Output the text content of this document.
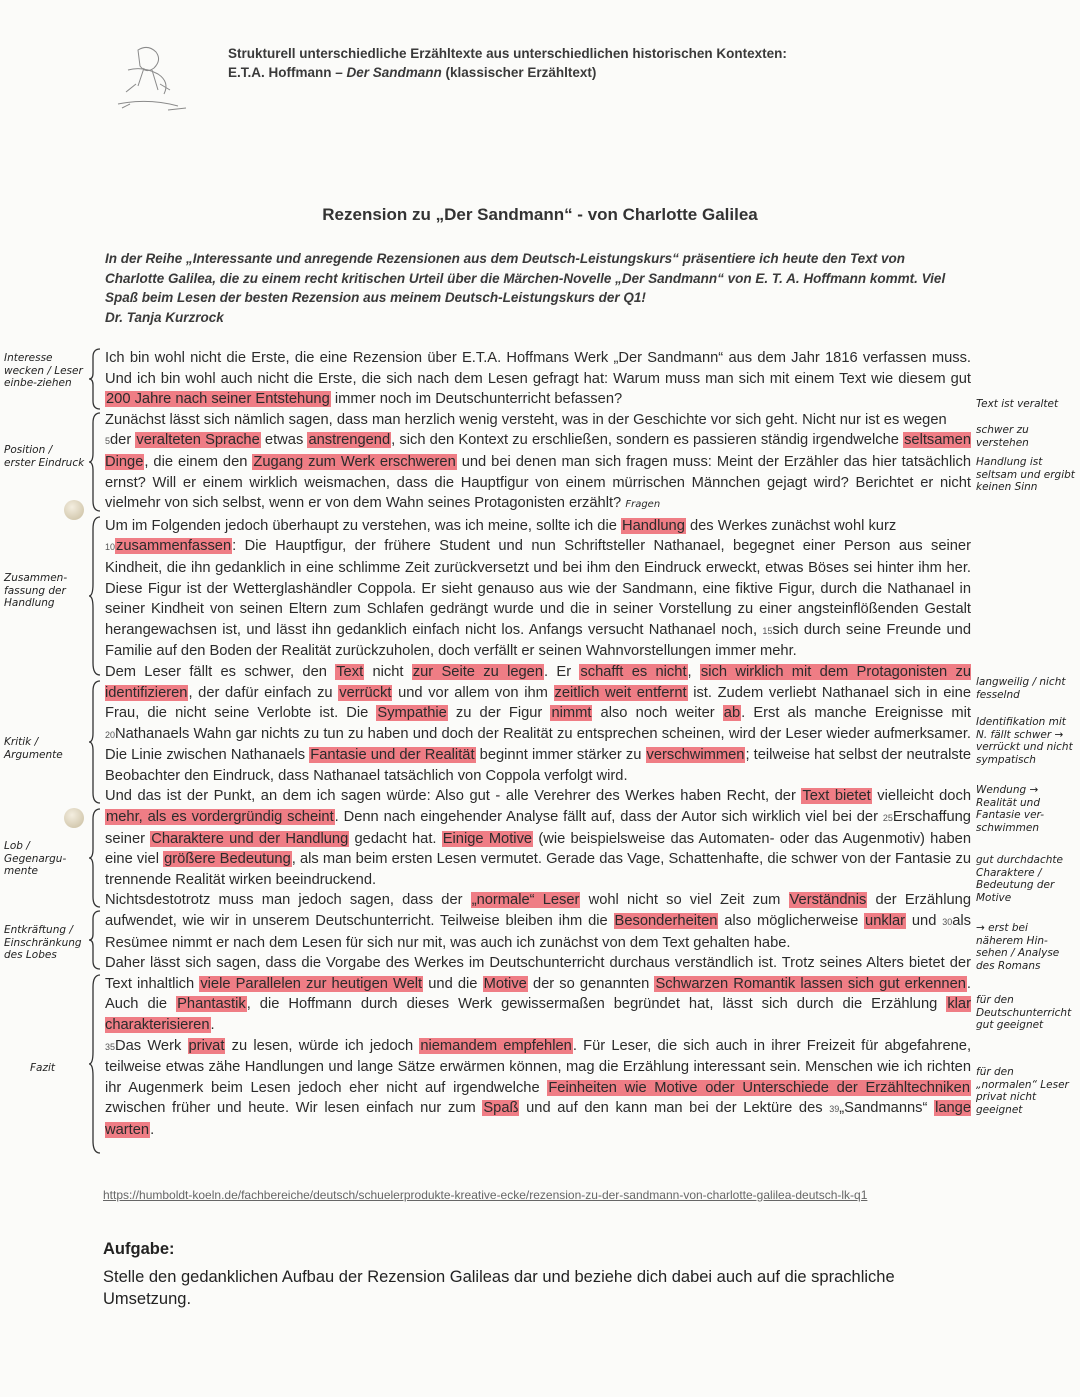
Strukturell unterschiedliche Erzähltexte aus unterschiedlichen historischen Kontexten:
E.T.A. Hoffmann – Der Sandmann (klassischer Erzähltext)
Rezension zu „Der Sandmann“ - von Charlotte Galilea
In der Reihe „Interessante und anregende Rezensionen aus dem Deutsch-Leistungskurs“ präsentiere ich heute den Text von Charlotte Galilea, die zu einem recht kritischen Urteil über die Märchen-Novelle „Der Sandmann“ von E. T. A. Hoffmann kommt. Viel Spaß beim Lesen der besten Rezension aus meinem Deutsch-Leistungskurs der Q1!
Dr. Tanja Kurzrock

Ich bin wohl nicht die Erste, die eine Rezension über E.T.A. Hoffmans Werk „Der Sandmann“ aus dem Jahr 1816 verfassen muss. Und ich bin wohl auch nicht die Erste, die sich nach dem Lesen gefragt hat: Warum muss man sich mit einem Text wie diesem gut 200 Jahre nach seiner Entstehung immer noch im Deutschunterricht befassen?

Zunächst lässt sich nämlich sagen, dass man herzlich wenig versteht, was in der Geschichte vor sich geht. Nicht nur ist es wegen
5der veralteten Sprache etwas anstrengend, sich den Kontext zu erschließen, sondern es passieren ständig irgendwelche seltsamen Dinge, die einem den Zugang zum Werk erschweren und bei denen man sich fragen muss: Meint der Erzähler das hier tatsächlich ernst? Will er einem wirklich weismachen, dass die Hauptfigur von einem mürrischen Männchen gejagt wird? Berichtet er nicht vielmehr von sich selbst, wenn er von dem Wahn seines Protagonisten erzählt? Fragen

Um im Folgenden jedoch überhaupt zu verstehen, was ich meine, sollte ich die Handlung des Werkes zunächst wohl kurz
10zusammenfassen: Die Hauptfigur, der frühere Student und nun Schriftsteller Nathanael, begegnet einer Person aus seiner Kindheit, die ihn gedanklich in eine schlimme Zeit zurückversetzt und bei ihm den Eindruck erweckt, etwas Böses sei hinter ihm her. Diese Figur ist der Wetterglashändler Coppola. Er sieht genauso aus wie der Sandmann, eine fiktive Figur, durch die Nathanael in seiner Kindheit von seinen Eltern zum Schlafen gedrängt wurde und die in seiner Vorstellung zu einer angsteinflößenden Gestalt herangewachsen ist, und lässt ihn gedanklich einfach nicht los. Anfangs versucht Nathanael noch, 15sich durch seine Freunde und Familie auf den Boden der Realität zurückzuholen, doch verfällt er seinen Wahnvorstellungen immer mehr.

Dem Leser fällt es schwer, den Text nicht zur Seite zu legen. Er schafft es nicht, sich wirklich mit dem Protagonisten zu identifizieren, der dafür einfach zu verrückt und vor allem von ihm zeitlich weit entfernt ist. Zudem verliebt Nathanael sich in eine Frau, die nicht seine Verlobte ist. Die Sympathie zu der Figur nimmt also noch weiter ab. Erst als manche Ereignisse mit 20Nathanaels Wahn gar nichts zu tun zu haben und doch der Realität zu entsprechen scheinen, wird der Leser wieder aufmerksamer. Die Linie zwischen Nathanaels Fantasie und der Realität beginnt immer stärker zu verschwimmen; teilweise hat selbst der neutralste Beobachter den Eindruck, dass Nathanael tatsächlich von Coppola verfolgt wird.

Und das ist der Punkt, an dem ich sagen würde: Also gut - alle Verehrer des Werkes haben Recht, der Text bietet vielleicht doch mehr, als es vordergründig scheint. Denn nach eingehender Analyse fällt auf, dass der Autor sich wirklich viel bei der 25Erschaffung seiner Charaktere und der Handlung gedacht hat. Einige Motive (wie beispielsweise das Automaten- oder das Augenmotiv) haben eine viel größere Bedeutung, als man beim ersten Lesen vermutet. Gerade das Vage, Schattenhafte, die schwer von der Fantasie zu trennende Realität wirken beeindruckend.

Nichtsdestotrotz muss man jedoch sagen, dass der „normale“ Leser wohl nicht so viel Zeit zum Verständnis der Erzählung aufwendet, wie wir in unserem Deutschunterricht. Teilweise bleiben ihm die Besonderheiten also möglicherweise unklar und 30als Resümee nimmt er nach dem Lesen für sich nur mit, was auch ich zunächst von dem Text gehalten habe.

Daher lässt sich sagen, dass die Vorgabe des Werkes im Deutschunterricht durchaus verständlich ist. Trotz seines Alters bietet der Text inhaltlich viele Parallelen zur heutigen Welt und die Motive der so genannten Schwarzen Romantik lassen sich gut erkennen. Auch die Phantastik, die Hoffmann durch dieses Werk gewissermaßen begründet hat, lässt sich durch die Erzählung klar charakterisieren.

35Das Werk privat zu lesen, würde ich jedoch niemandem empfehlen. Für Leser, die sich auch in ihrer Freizeit für abgefahrene, teilweise etwas zähe Handlungen und lange Sätze erwärmen können, mag die Erzählung interessant sein. Menschen wie ich richten ihr Augenmerk beim Lesen jedoch eher nicht auf irgendwelche Feinheiten wie Motive oder Unterschiede der Erzähltechniken zwischen früher und heute. Wir lesen einfach nur zum Spaß und auf den kann man bei der Lektüre des 39„Sandmanns“ lange warten.

Interesse wecken / Leser einbe-ziehen
Position / erster Eindruck
Zusammen-fassung der Handlung
Kritik / Argumente
Lob / Gegenargu-mente
Entkräftung / Einschränkung des Lobes
Fazit
Text ist veraltet
schwer zu verstehen
Handlung ist seltsam und ergibt keinen Sinn
langweilig / nicht fesselnd
Identifikation mit N. fällt schwer → verrückt und nicht sympatisch
Wendung → Realität und Fantasie ver-schwimmen
gut durchdachte Charaktere / Bedeutung der Motive
→ erst bei näherem Hin-sehen / Analyse des Romans
für den Deutschunterricht gut geeignet
für den „normalen“ Leser privat nicht geeignet
https://humboldt-koeln.de/fachbereiche/deutsch/schuelerprodukte-kreative-ecke/rezension-zu-der-sandmann-von-charlotte-galilea-deutsch-lk-q1
Aufgabe:
Stelle den gedanklichen Aufbau der Rezension Galileas dar und beziehe dich dabei auch auf die sprachliche Umsetzung.
